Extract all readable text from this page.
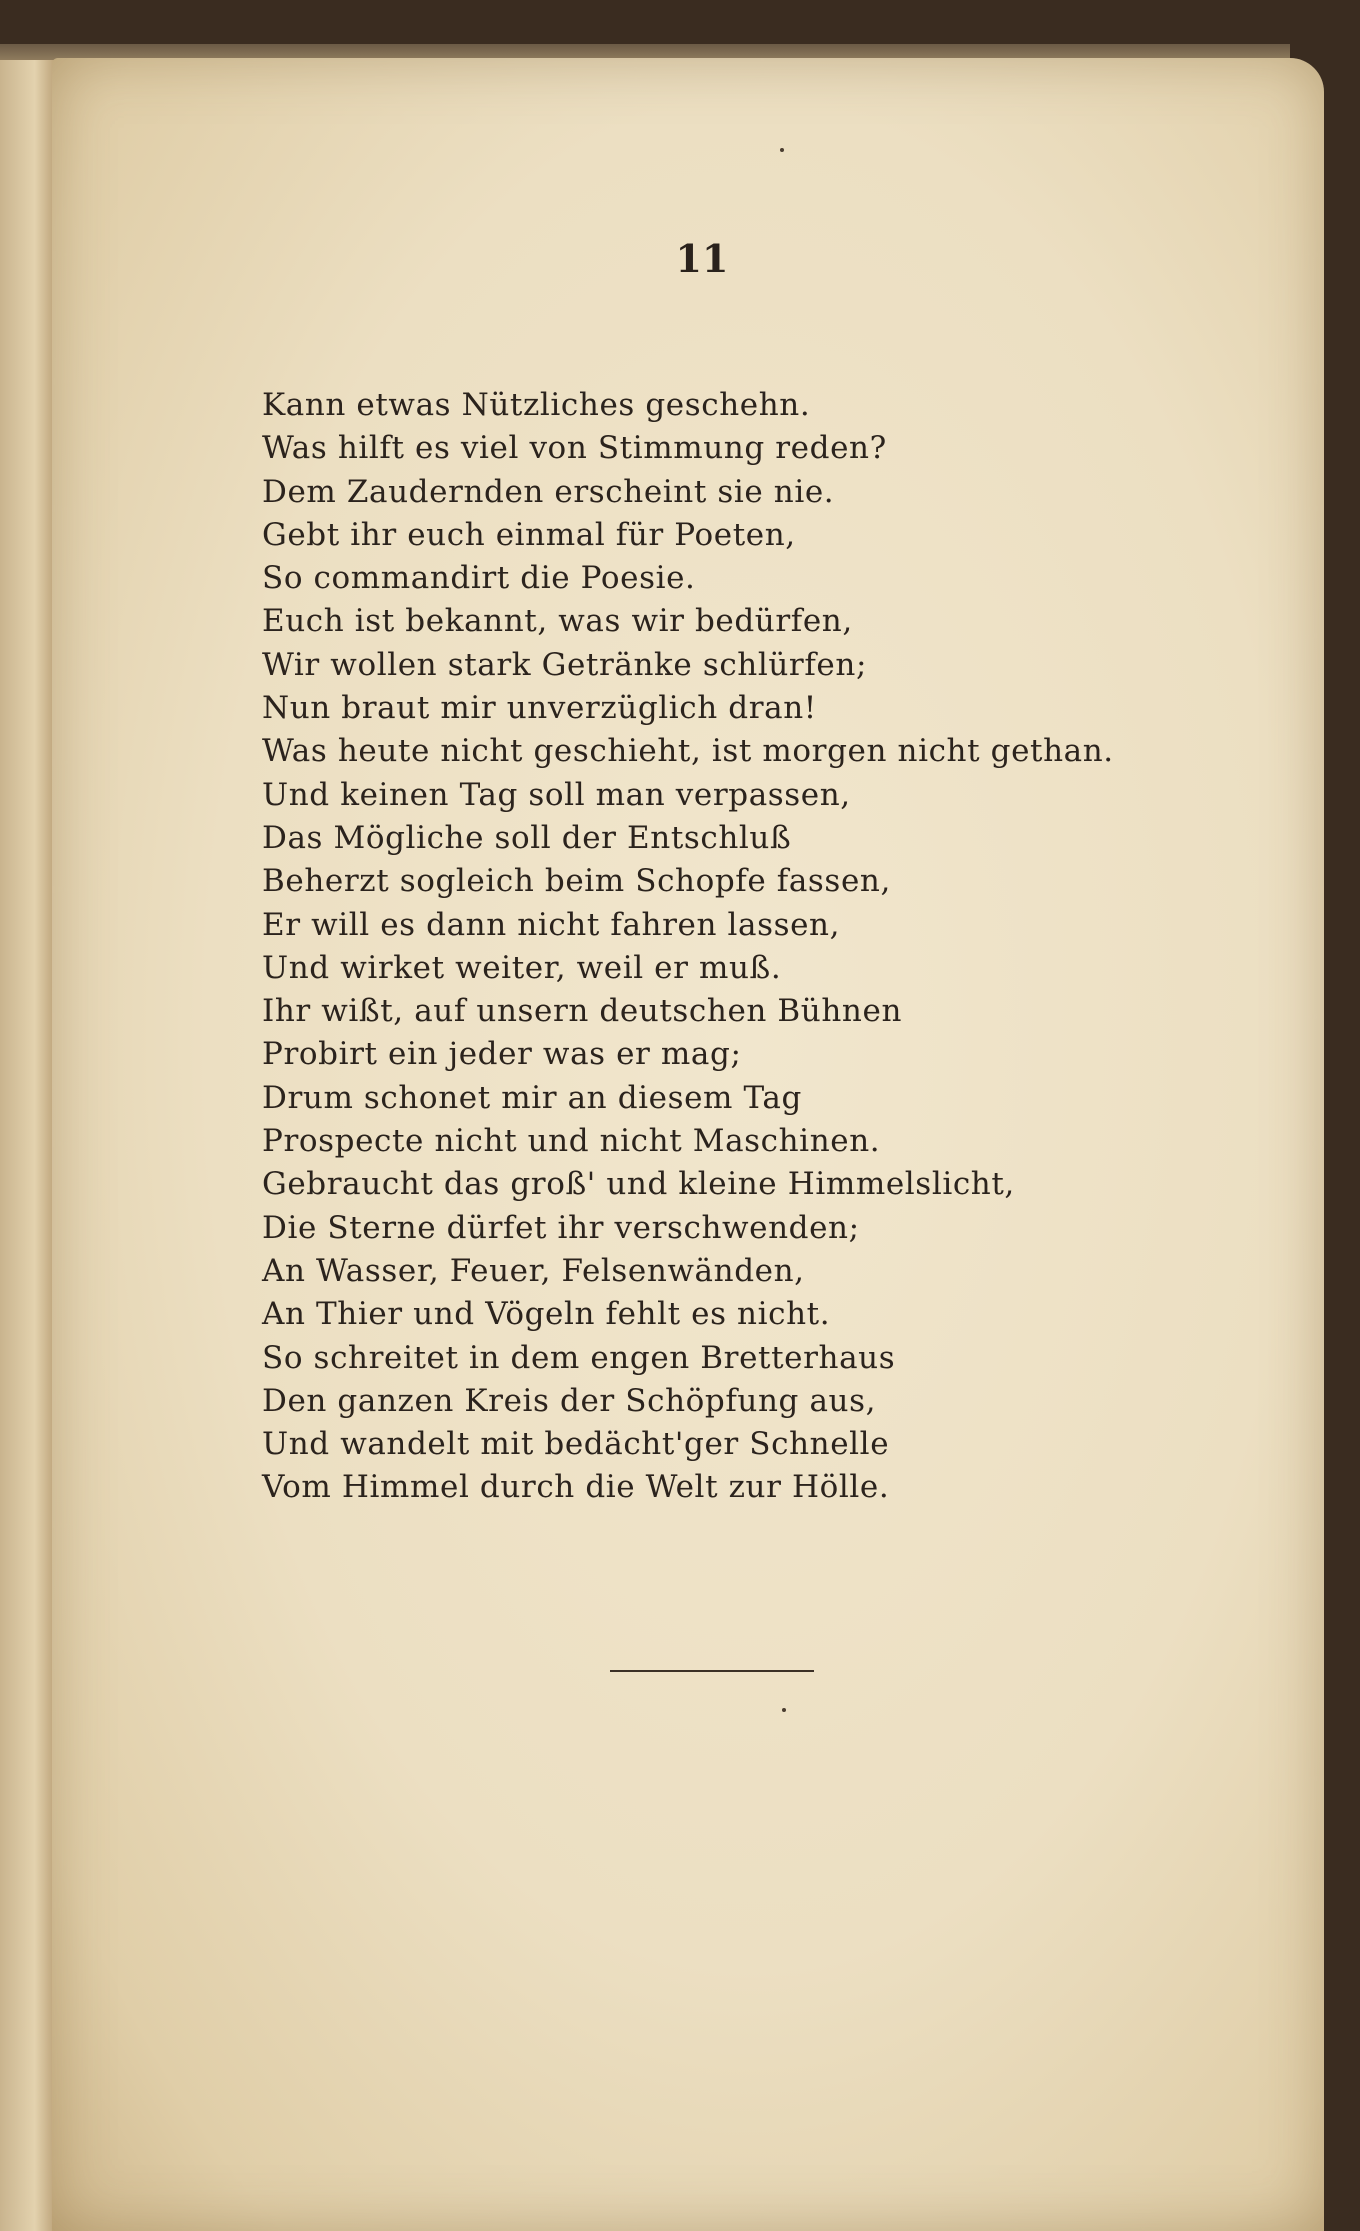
11
Kann etwas Nützliches geschehn.
Was hilft es viel von Stimmung reden?
Dem Zaudernden erscheint sie nie.
Gebt ihr euch einmal für Poeten,
So commandirt die Poesie.
Euch ist bekannt, was wir bedürfen,
Wir wollen stark Getränke schlürfen;
Nun braut mir unverzüglich dran!
Was heute nicht geschieht, ist morgen nicht gethan.
Und keinen Tag soll man verpassen,
Das Mögliche soll der Entschluß
Beherzt sogleich beim Schopfe fassen,
Er will es dann nicht fahren lassen,
Und wirket weiter, weil er muß.
Ihr wißt, auf unsern deutschen Bühnen
Probirt ein jeder was er mag;
Drum schonet mir an diesem Tag
Prospecte nicht und nicht Maschinen.
Gebraucht das groß' und kleine Himmelslicht,
Die Sterne dürfet ihr verschwenden;
An Wasser, Feuer, Felsenwänden,
An Thier und Vögeln fehlt es nicht.
So schreitet in dem engen Bretterhaus
Den ganzen Kreis der Schöpfung aus,
Und wandelt mit bedächt'ger Schnelle
Vom Himmel durch die Welt zur Hölle.
